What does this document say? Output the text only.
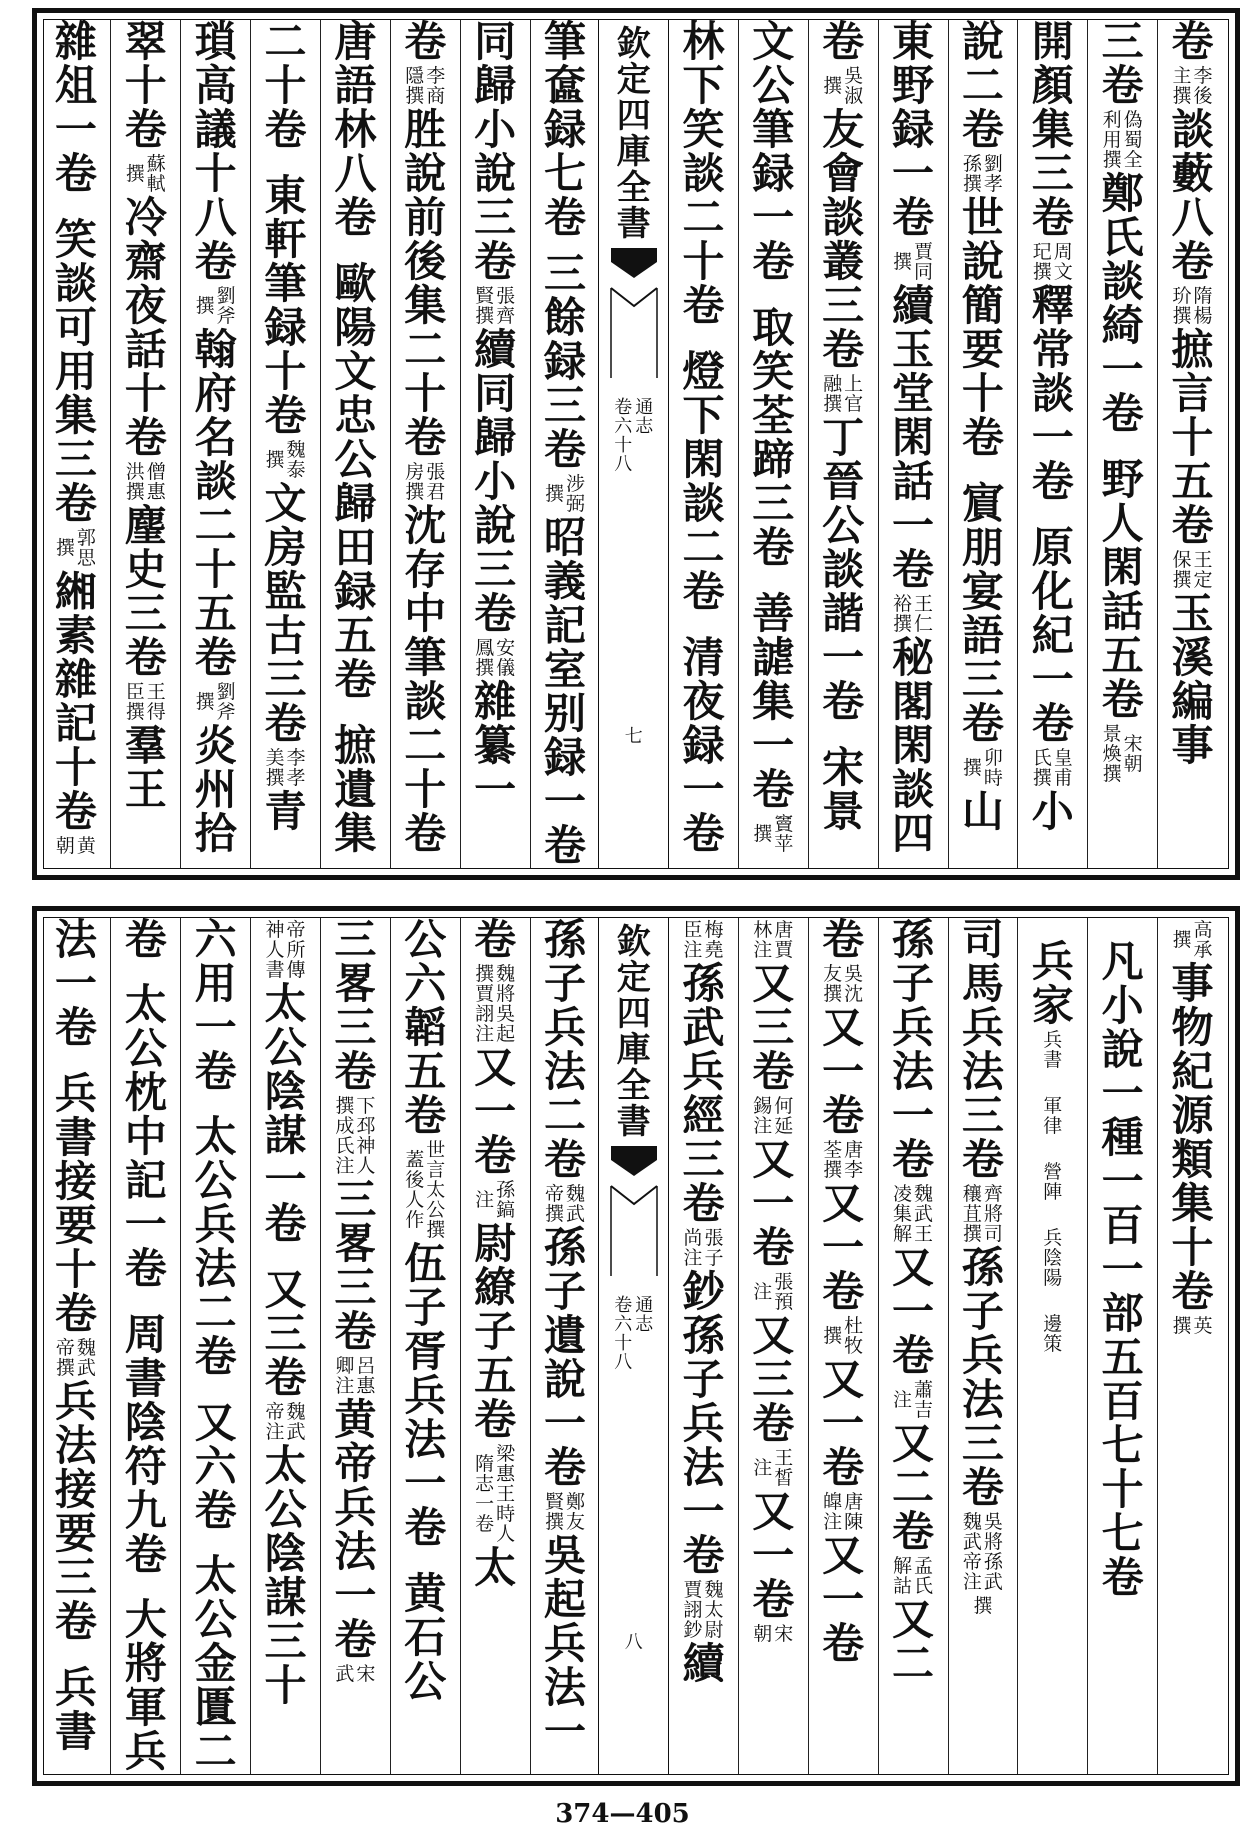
卷
李
後
主
撰
談
藪
八
卷
隋
楊
玠
撰
摭
言
十
五
卷
王
定
保
撰
玉
溪
編
事
三
卷
偽
蜀
全
利
用
撰
鄭
氏
談
綺
一
卷
野
人
閑
話
五
卷
宋
朝
景
煥
撰
開
顏
集
三
卷
周
文
玘
撰
釋
常
談
一
卷
原
化
紀
一
卷
皇
甫
氏
撰
小
說
二
卷
劉
孝
孫
撰
世
說
簡
要
十
卷
賔
朋
宴
語
三
卷
卯
時
撰
山
東
野
録
一
卷
賈
同
撰
續
玉
堂
閑
話
一
卷
王
仁
裕
撰
秘
閣
閑
談
四
卷
吳
淑
撰
友
會
談
叢
三
卷
上
官
融
撰
丁
晉
公
談
諧
一
卷
宋
景
文
公
筆
録
一
卷
取
笑
荃
蹄
三
卷
善
謔
集
一
卷
竇
苹
撰
林
下
笑
談
二
十
卷
燈
下
閑
談
二
卷
清
夜
録
一
卷
欽
定
四
庫
全
書
通
志
卷
六
十
八
七
筆
奩
録
七
卷
三
餘
録
三
卷
涉
弼
撰
昭
義
記
室
别
録
一
卷
同
歸
小
說
三
卷
張
齊
賢
撰
續
同
歸
小
說
三
卷
安
儀
鳳
撰
雜
纂
一
卷
李
商
隱
撰
胜
說
前
後
集
二
十
卷
張
君
房
撰
沈
存
中
筆
談
二
十
卷
唐
語
林
八
卷
歐
陽
文
忠
公
歸
田
録
五
卷
摭
遺
集
二
十
卷
東
軒
筆
録
十
卷
魏
泰
撰
文
房
監
古
三
卷
李
孝
美
撰
青
瑣
高
議
十
八
卷
劉
斧
撰
翰
府
名
談
二
十
五
卷
劉
斧
撰
炎
州
拾
翠
十
卷
蘇
軾
撰
冷
齋
夜
話
十
卷
僧
惠
洪
撰
麈
史
三
卷
王
得
臣
撰
羣
王
雜
俎
一
卷
笑
談
可
用
集
三
卷
郭
思
撰
緗
素
雜
記
十
卷
黄
朝
高
承
撰
事
物
紀
源
類
集
十
卷
英
撰
凡
小
說
一
種
一
百
一
部
五
百
七
十
七
卷
兵
家
兵
書
軍
律
營
陣
兵
陰
陽
邊
策
司
馬
兵
法
三
卷
齊
將
司
穰
苴
撰
孫
子
兵
法
三
卷
吳
將
孫
武
魏
武
帝
注
撰
孫
子
兵
法
一
卷
魏
武
王
凌
集
解
又
一
卷
蕭
吉
注
又
二
卷
孟
氏
解
詁
又
二
卷
吳
沈
友
撰
又
一
卷
唐
李
荃
撰
又
一
卷
杜
牧
撰
又
一
卷
唐
陳
皥
注
又
一
卷
唐
賈
林
注
又
三
卷
何
延
錫
注
又
一
卷
張
預
注
又
三
卷
王
皙
注
又
一
卷
宋
朝
梅
堯
臣
注
孫
武
兵
經
三
卷
張
子
尚
注
鈔
孫
子
兵
法
一
卷
魏
太
尉
賈
詡
鈔
續
欽
定
四
庫
全
書
通
志
卷
六
十
八
八
孫
子
兵
法
二
卷
魏
武
帝
撰
孫
子
遺
說
一
卷
鄭
友
賢
撰
吳
起
兵
法
一
卷
魏
將
吳
起
撰
賈
詡
注
又
一
卷
孫
鎬
注
尉
繚
子
五
卷
梁
惠
王
時
人
隋
志
一
卷
太
公
六
韜
五
卷
世
言
太
公
撰
蓋
後
人
作
伍
子
胥
兵
法
一
卷
黄
石
公
三
畧
三
卷
下
邳
神
人
撰
成
氏
注
三
畧
三
卷
呂
惠
卿
注
黄
帝
兵
法
一
卷
宋
武
帝
所
傳
神
人
書
太
公
陰
謀
一
卷
又
三
卷
魏
武
帝
注
太
公
陰
謀
三
十
六
用
一
卷
太
公
兵
法
二
卷
又
六
卷
太
公
金
匱
二
卷
太
公
枕
中
記
一
卷
周
書
陰
符
九
卷
大
將
軍
兵
法
一
卷
兵
書
接
要
十
卷
魏
武
帝
撰
兵
法
接
要
三
卷
兵
書
374—405
